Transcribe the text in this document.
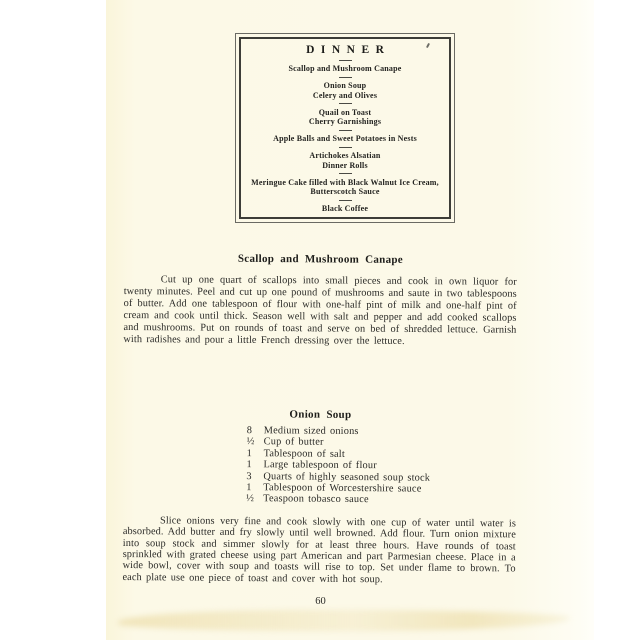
DINNER
Scallop and Mushroom Canape
Onion Soup
Celery and Olives
Quail on Toast
Cherry Garnishings
Apple Balls and Sweet Potatoes in Nests
Artichokes Alsatian
Dinner Rolls
Meringue Cake filled with Black Walnut Ice Cream,
Butterscotch Sauce
Black Coffee
Scallop and Mushroom Canape

Cut up one quart of scallops into small pieces and cook in own liquor for twenty minutes. Peel and cut up one pound of mushrooms and saute in two tablespoons of butter. Add one tablespoon of flour with one-half pint of milk and one-half pint of cream and cook until thick. Season well with salt and pepper and add cooked scallops and mushrooms. Put on rounds of toast and serve on bed of shredded lettuce. Garnish with radishes and pour a little French dressing over the lettuce.

Onion Soup
8	Medium sized onions
½ Cup of butter
1	Tablespoon of salt
1	Large tablespoon of flour
3	Quarts of highly seasoned soup stock
1	Tablespoon of Worcestershire sauce
½ Teaspoon tobasco sauce

Slice onions very fine and cook slowly with one cup of water until water is absorbed. Add butter and fry slowly until well browned. Add flour. Turn onion mixture into soup stock and simmer slowly for at least three hours. Have rounds of toast sprinkled with grated cheese using part American and part Parmesian cheese. Place in a wide bowl, cover with soup and toasts will rise to top. Set under flame to brown. To each plate use one piece of toast and cover with hot soup.

60
